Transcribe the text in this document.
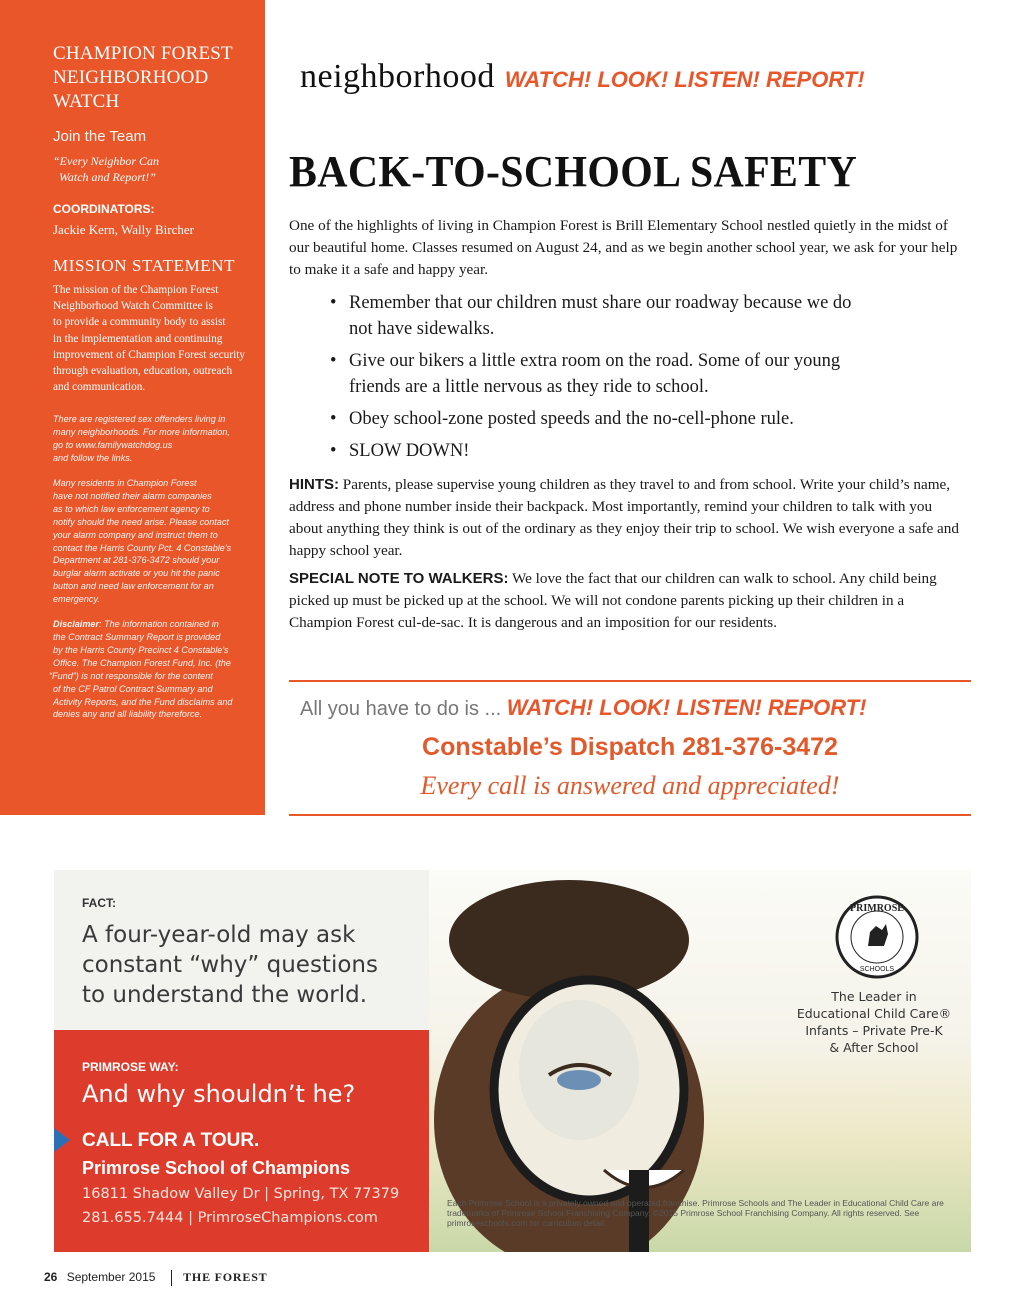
CHAMPION FOREST
NEIGHBORHOOD
WATCH
Join the Team
“Every Neighbor Can
Watch and Report!”
COORDINATORS:
Jackie Kern, Wally Bircher
MISSION STATEMENT
The mission of the Champion Forest
Neighborhood Watch Committee is
to provide a community body to assist
in the implementation and continuing
improvement of Champion Forest security
through evaluation, education, outreach
and communication.
There are registered sex offenders living in
many neighborhoods. For more information,
go to www.familywatchdog.us
and follow the links.
Many residents in Champion Forest
have not notified their alarm companies
as to which law enforcement agency to
notify should the need arise. Please contact
your alarm company and instruct them to
contact the Harris County Pct. 4 Constable's
Department at 281-376-3472 should your
burglar alarm activate or you hit the panic
button and need law enforcement for an
emergency.
Disclaimer: The information contained in
the Contract Summary Report is provided
by the Harris County Precinct 4 Constable's
Office. The Champion Forest Fund, Inc. (the
“Fund”) is not responsible for the content
of the CF Patrol Contract Summary and
Activity Reports, and the Fund disclaims and
denies any and all liability thereforce.
neighborhood WATCH! LOOK! LISTEN! REPORT!
BACK-TO-SCHOOL SAFETY

One of the highlights of living in Champion Forest is Brill Elementary School nestled quietly in the midst of our beautiful home. Classes resumed on August 24, and as we begin another school year, we ask for your help to make it a safe and happy year.

• Remember that our children must share our roadway because we do not have sidewalks.
• Give our bikers a little extra room on the road. Some of our young friends are a little nervous as they ride to school.
• Obey school-zone posted speeds and the no-cell-phone rule.
• SLOW DOWN!

HINTS: Parents, please supervise young children as they travel to and from school. Write your child’s name, address and phone number inside their backpack. Most importantly, remind your children to talk with you about anything they think is out of the ordinary as they enjoy their trip to school. We wish everyone a safe and happy school year.

SPECIAL NOTE TO WALKERS: We love the fact that our children can walk to school. Any child being picked up must be picked up at the school. We will not condone parents picking up their children in a Champion Forest cul-de-sac. It is dangerous and an imposition for our residents.

All you have to do is ... WATCH! LOOK! LISTEN! REPORT!
Constable’s Dispatch 281-376-3472
Every call is answered and appreciated!
FACT:
A four-year-old may ask
constant “why” questions
to understand the world.
PRIMROSE WAY:
And why shouldn’t he?
CALL FOR A TOUR.
Primrose School of Champions
16811 Shadow Valley Dr | Spring, TX 77379
281.655.7444 | PrimroseChampions.com
PRIMROSE
SCHOOLS
The Leader in
Educational Child Care®
Infants – Private Pre-K
& After School
Each Primrose School is a privately owned and operated franchise. Primrose Schools and The Leader in Educational Child Care are trademarks of Primrose School Franchising Company. ©2015 Primrose School Franchising Company. All rights reserved. See primroseschools.com for curriculum detail.
26 September 2015 THE FOREST
